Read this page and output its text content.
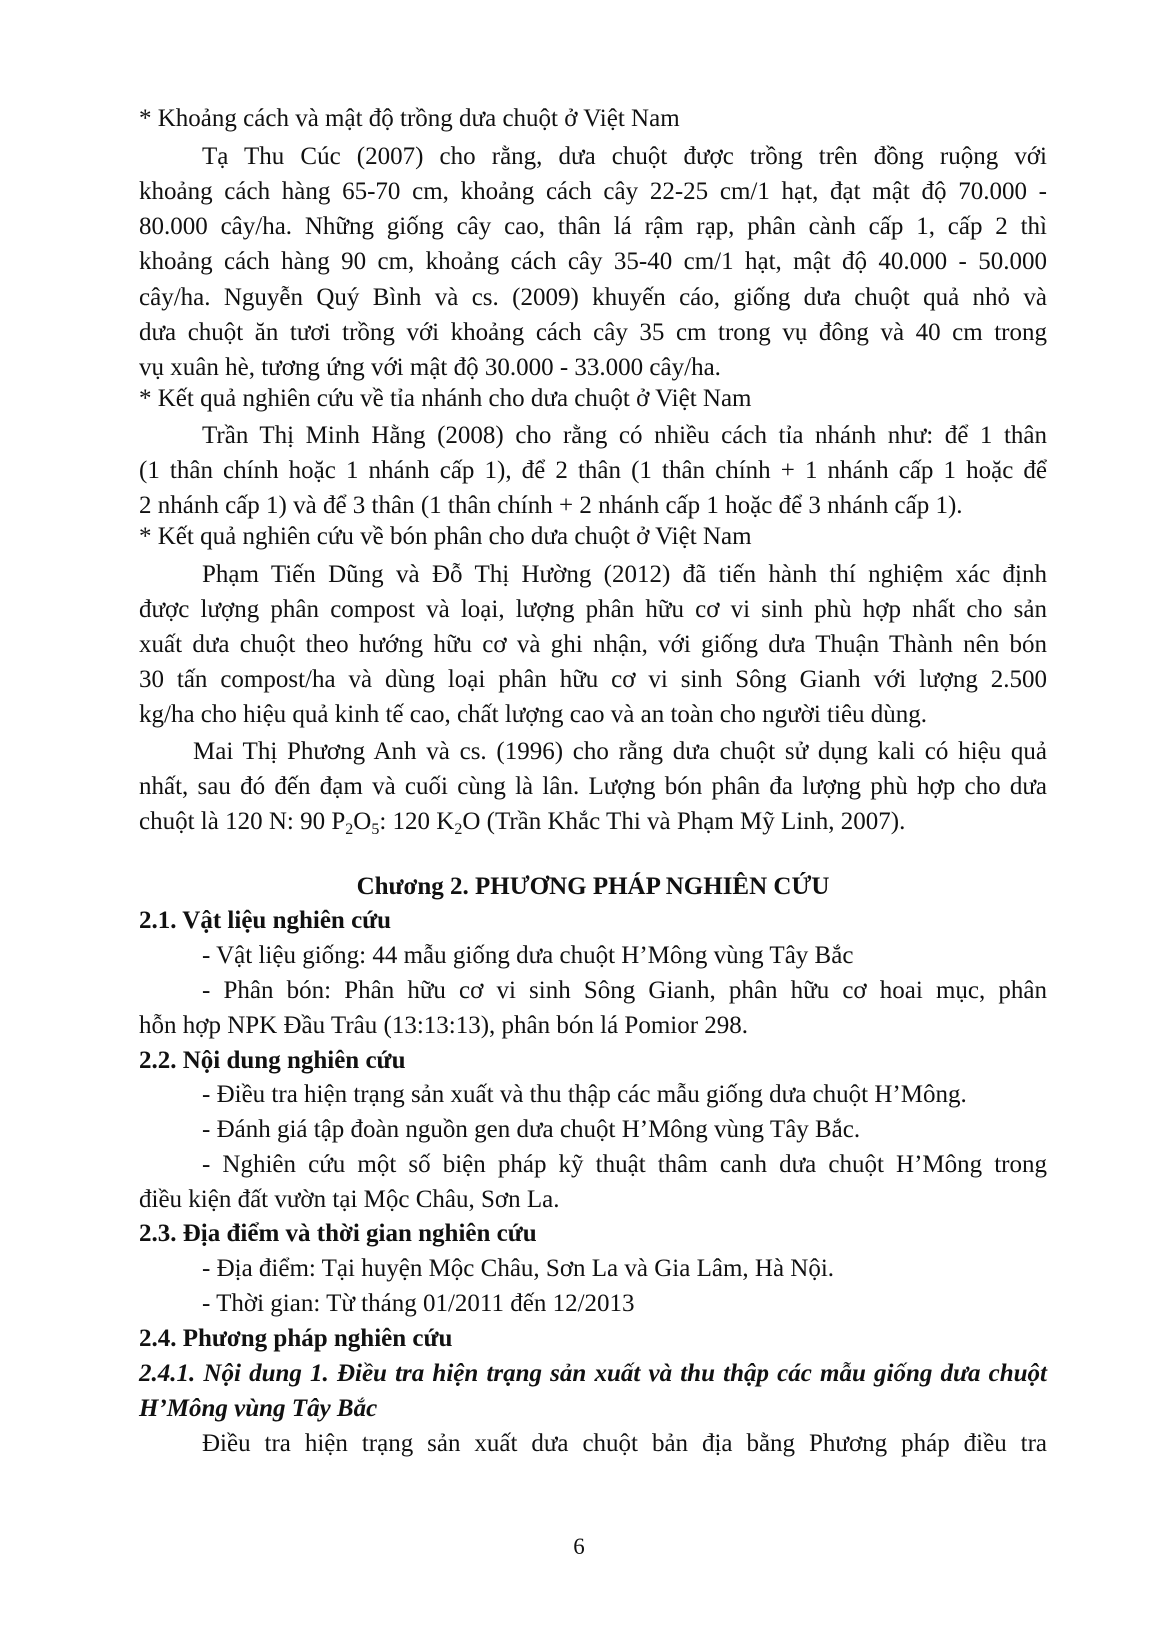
* Khoảng cách và mật độ trồng dưa chuột ở Việt Nam
Tạ Thu Cúc (2007) cho rằng, dưa chuột được trồng trên đồng ruộng với
khoảng cách hàng 65-70 cm, khoảng cách cây 22-25 cm/1 hạt, đạt mật độ 70.000 -
80.000 cây/ha. Những giống cây cao, thân lá rậm rạp, phân cành cấp 1, cấp 2 thì
khoảng cách hàng 90 cm, khoảng cách cây 35-40 cm/1 hạt, mật độ 40.000 - 50.000
cây/ha. Nguyễn Quý Bình và cs. (2009) khuyến cáo, giống dưa chuột quả nhỏ và
dưa chuột ăn tươi trồng với khoảng cách cây 35 cm trong vụ đông và 40 cm trong
vụ xuân hè, tương ứng với mật độ 30.000 - 33.000 cây/ha.
* Kết quả nghiên cứu về tỉa nhánh cho dưa chuột ở Việt Nam
Trần Thị Minh Hằng (2008) cho rằng có nhiều cách tỉa nhánh như: để 1 thân
(1 thân chính hoặc 1 nhánh cấp 1), để 2 thân (1 thân chính + 1 nhánh cấp 1 hoặc để
2 nhánh cấp 1) và để 3 thân (1 thân chính + 2 nhánh cấp 1 hoặc để 3 nhánh cấp 1).
* Kết quả nghiên cứu về bón phân cho dưa chuột ở Việt Nam
Phạm Tiến Dũng và Đỗ Thị Hường (2012) đã tiến hành thí nghiệm xác định
được lượng phân compost và loại, lượng phân hữu cơ vi sinh phù hợp nhất cho sản
xuất dưa chuột theo hướng hữu cơ và ghi nhận, với giống dưa Thuận Thành nên bón
30 tấn compost/ha và dùng loại phân hữu cơ vi sinh Sông Gianh với lượng 2.500
kg/ha cho hiệu quả kinh tế cao, chất lượng cao và an toàn cho người tiêu dùng.
Mai Thị Phương Anh và cs. (1996) cho rằng dưa chuột sử dụng kali có hiệu quả
nhất, sau đó đến đạm và cuối cùng là lân. Lượng bón phân đa lượng phù hợp cho dưa
chuột là 120 N: 90 $P_2O_5$: 120 $K_2O$ (Trần Khắc Thi và Phạm Mỹ Linh, 2007).
Chương 2. PHƯƠNG PHÁP NGHIÊN CỨU
2.1. Vật liệu nghiên cứu
- Vật liệu giống: 44 mẫu giống dưa chuột H’Mông vùng Tây Bắc
- Phân bón: Phân hữu cơ vi sinh Sông Gianh, phân hữu cơ hoai mục, phân
hỗn hợp NPK Đầu Trâu (13:13:13), phân bón lá Pomior 298.
2.2. Nội dung nghiên cứu
- Điều tra hiện trạng sản xuất và thu thập các mẫu giống dưa chuột H’Mông.
- Đánh giá tập đoàn nguồn gen dưa chuột H’Mông vùng Tây Bắc.
- Nghiên cứu một số biện pháp kỹ thuật thâm canh dưa chuột H’Mông trong
điều kiện đất vườn tại Mộc Châu, Sơn La.
2.3. Địa điểm và thời gian nghiên cứu
- Địa điểm: Tại huyện Mộc Châu, Sơn La và Gia Lâm, Hà Nội.
- Thời gian: Từ tháng 01/2011 đến 12/2013
2.4. Phương pháp nghiên cứu
2.4.1. Nội dung 1. Điều tra hiện trạng sản xuất và thu thập các mẫu giống dưa chuột
H’Mông vùng Tây Bắc
Điều tra hiện trạng sản xuất dưa chuột bản địa bằng Phương pháp điều tra
6
